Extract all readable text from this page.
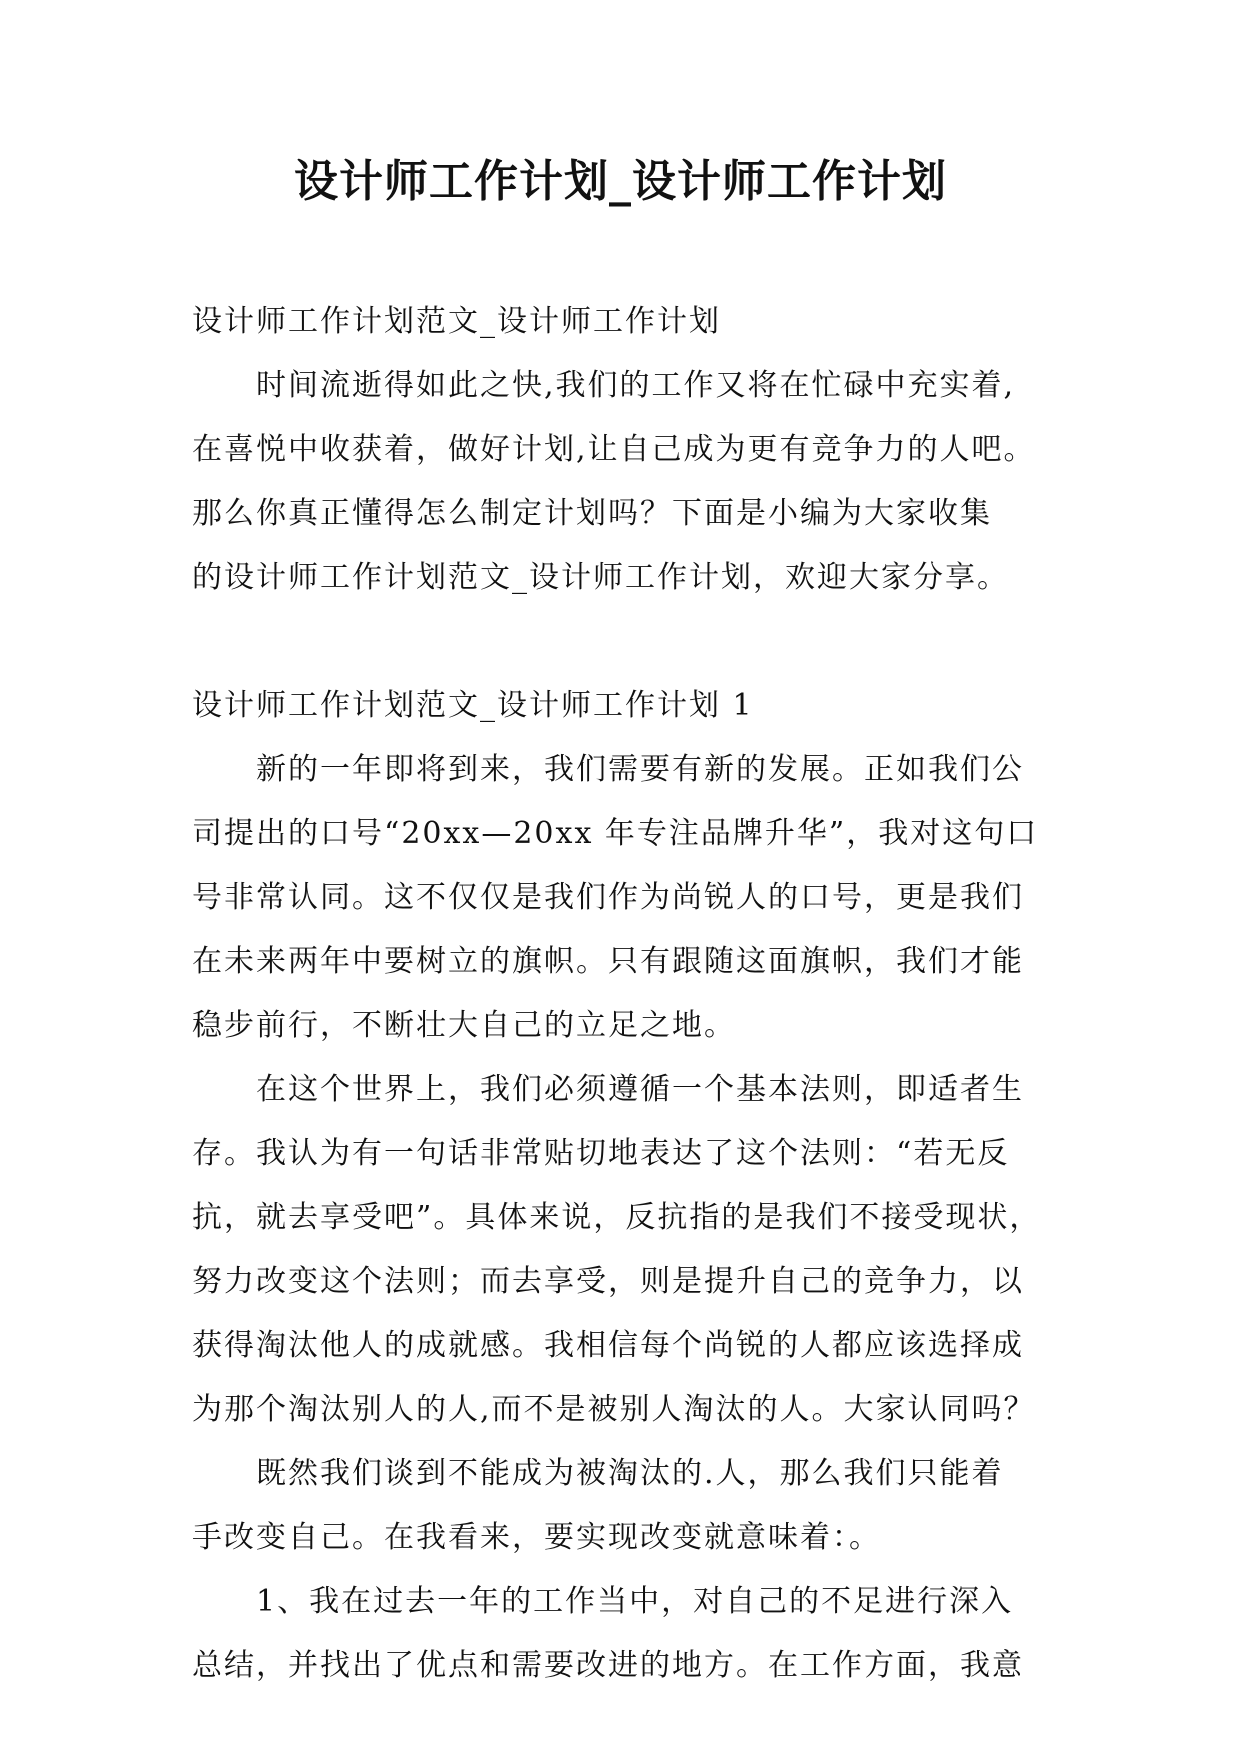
设计师工作计划_设计师工作计划

设计师工作计划范文_设计师工作计划

时间流逝得如此之快,我们的工作又将在忙碌中充实着,

在喜悦中收获着，做好计划,让自己成为更有竞争力的人吧。

那么你真正懂得怎么制定计划吗？下面是小编为大家收集

的设计师工作计划范文_设计师工作计划，欢迎大家分享。

设计师工作计划范文_设计师工作计划 1

新的一年即将到来，我们需要有新的发展。正如我们公

司提出的口号“20xx—20xx 年专注品牌升华”，我对这句口

号非常认同。这不仅仅是我们作为尚锐人的口号，更是我们

在未来两年中要树立的旗帜。只有跟随这面旗帜，我们才能

稳步前行，不断壮大自己的立足之地。

在这个世界上，我们必须遵循一个基本法则，即适者生

存。我认为有一句话非常贴切地表达了这个法则：“若无反

抗，就去享受吧”。具体来说，反抗指的是我们不接受现状，

努力改变这个法则；而去享受，则是提升自己的竞争力，以

获得淘汰他人的成就感。我相信每个尚锐的人都应该选择成

为那个淘汰别人的人,而不是被别人淘汰的人。大家认同吗？

既然我们谈到不能成为被淘汰的.人，那么我们只能着

手改变自己。在我看来，要实现改变就意味着：。

1、我在过去一年的工作当中，对自己的不足进行深入

总结，并找出了优点和需要改进的地方。在工作方面，我意
